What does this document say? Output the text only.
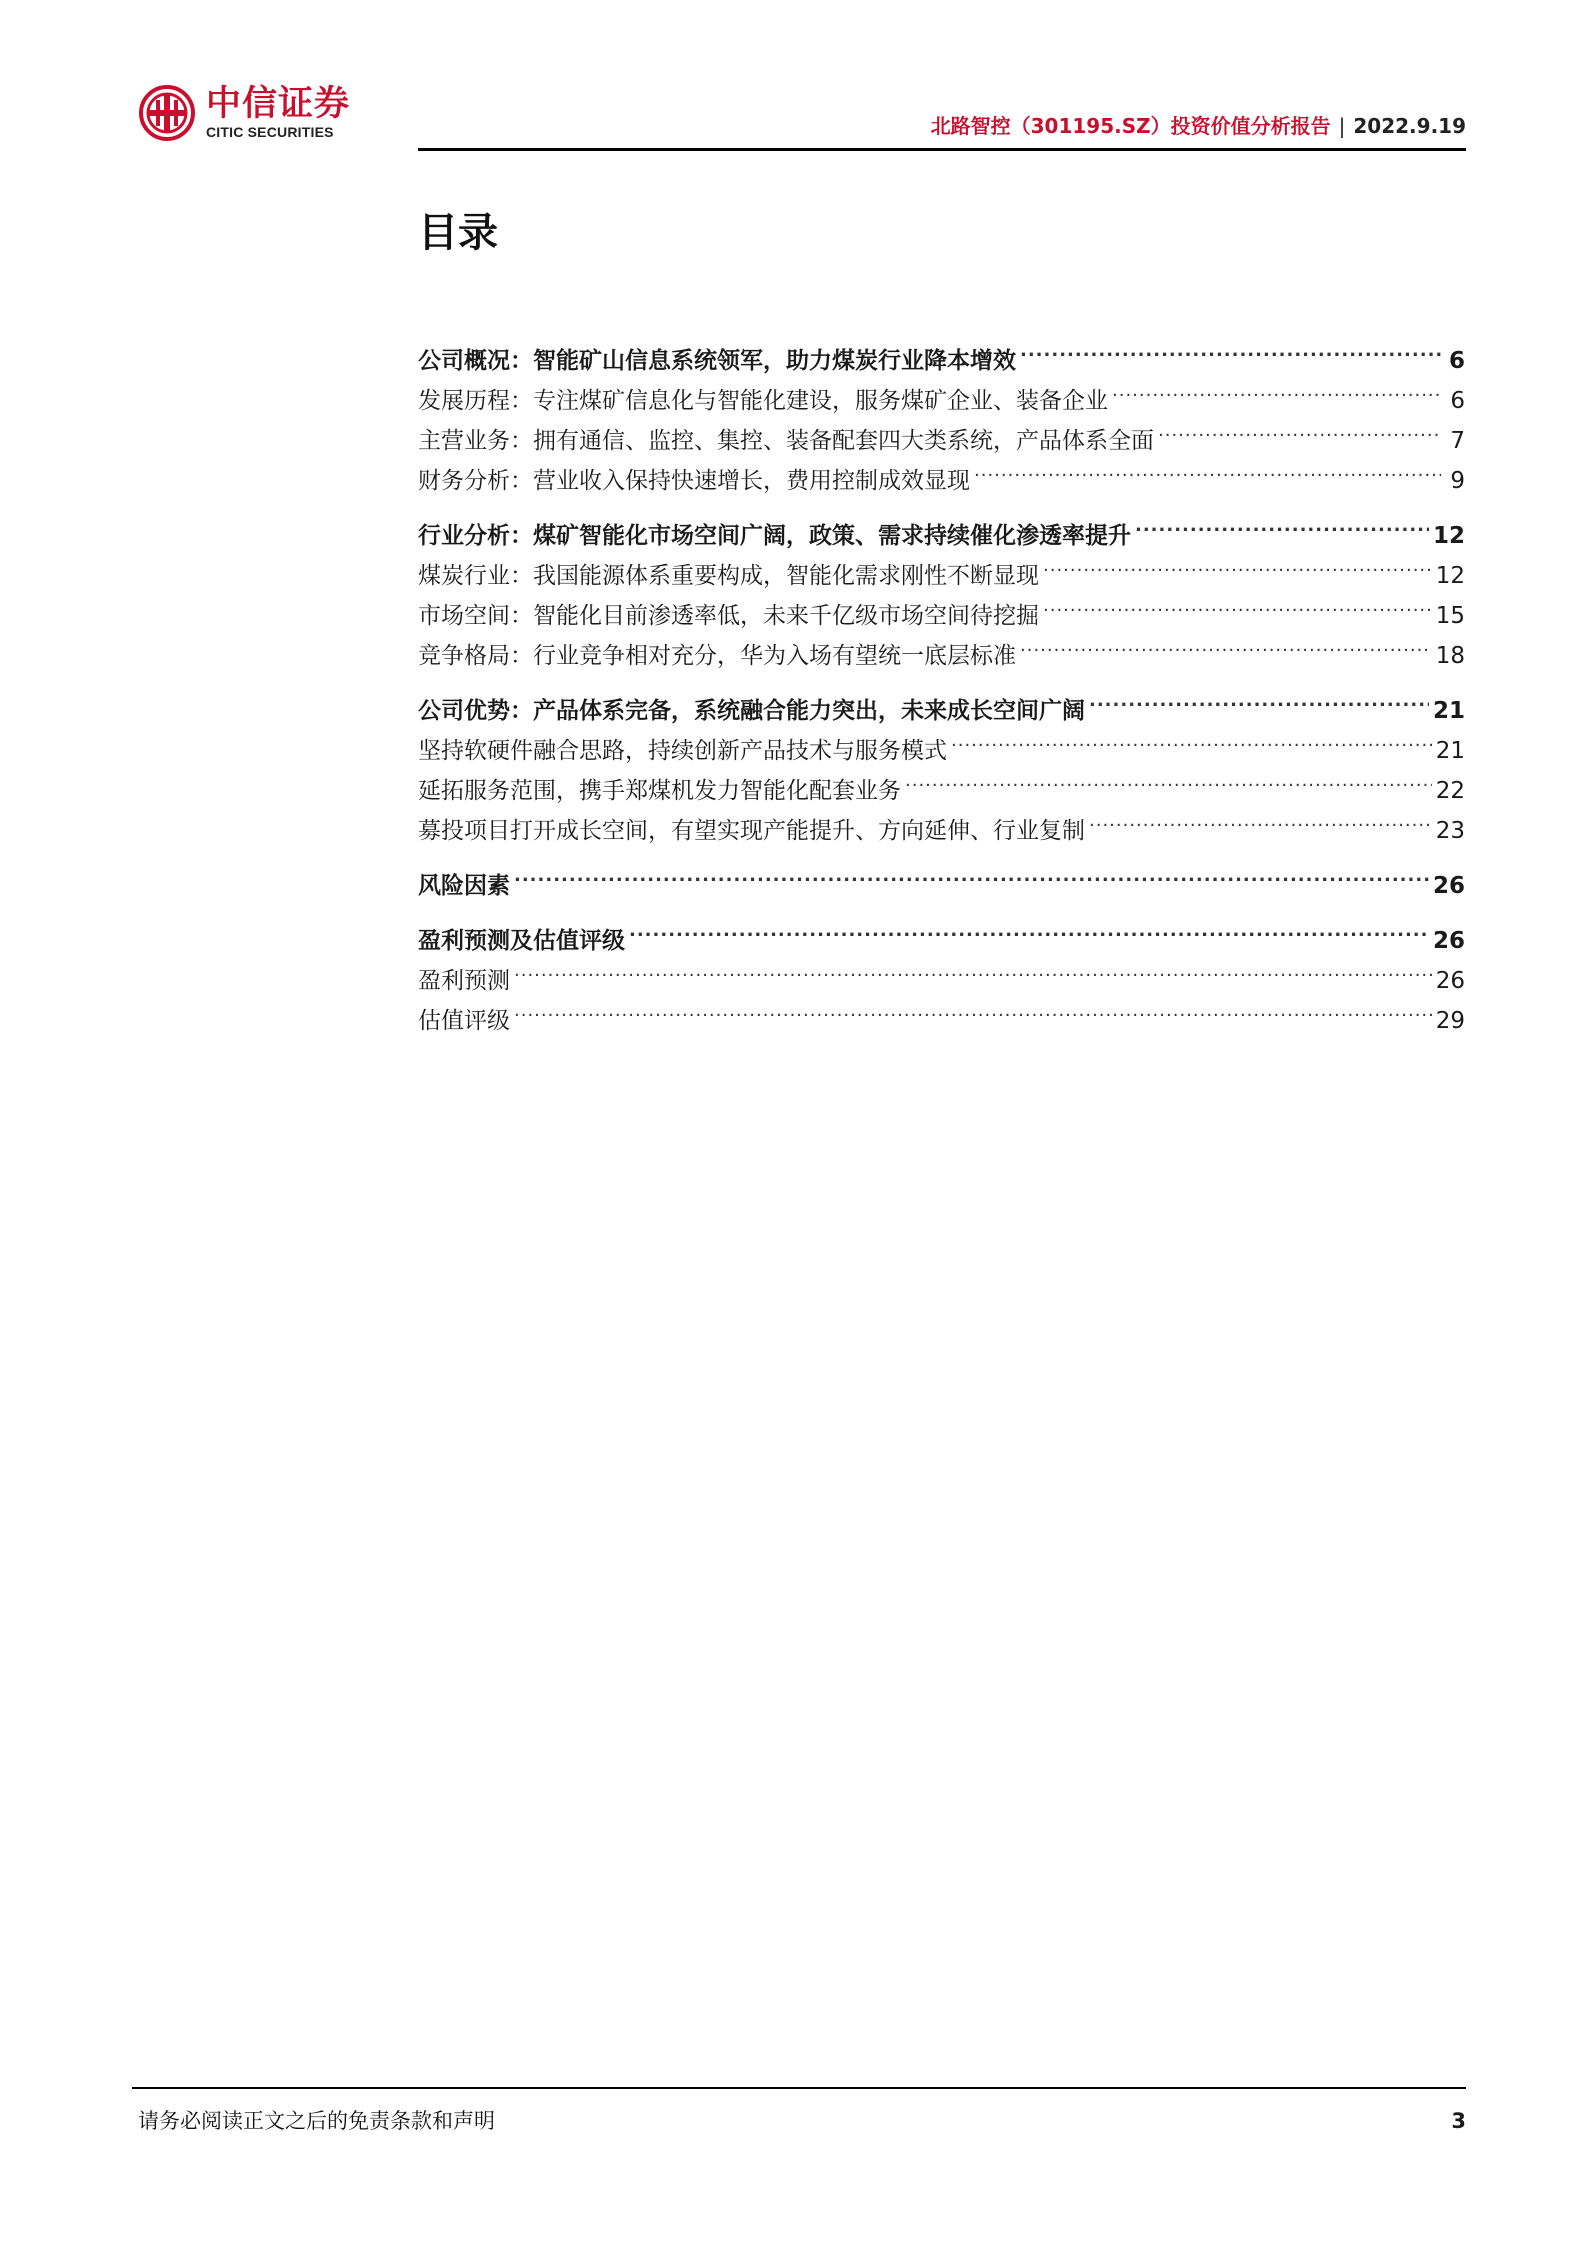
中信证券
CITIC SECURITIES	北路智控（301195.SZ）投资价值分析报告 | 2022.9.19
目录
公司概况：智能矿山信息系统领军，助力煤炭行业降本增效 .....	6
发展历程：专注煤矿信息化与智能化建设，服务煤矿企业、装备企业 .....	6
主营业务：拥有通信、监控、集控、装备配套四大类系统，产品体系全面 .....	7
财务分析：营业收入保持快速增长，费用控制成效显现 .....	9
行业分析：煤矿智能化市场空间广阔，政策、需求持续催化渗透率提升 .....	12
煤炭行业：我国能源体系重要构成，智能化需求刚性不断显现 .....	12
市场空间：智能化目前渗透率低，未来千亿级市场空间待挖掘 .....	15
竞争格局：行业竞争相对充分，华为入场有望统一底层标准 .....	18
公司优势：产品体系完备，系统融合能力突出，未来成长空间广阔 .....	21
坚持软硬件融合思路，持续创新产品技术与服务模式 .....	21
延拓服务范围，携手郑煤机发力智能化配套业务 .....	22
募投项目打开成长空间，有望实现产能提升、方向延伸、行业复制 .....	23
风险因素 .....	26
盈利预测及估值评级 .....	26
盈利预测 .....	26
估值评级 .....	29
请务必阅读正文之后的免责条款和声明	3
